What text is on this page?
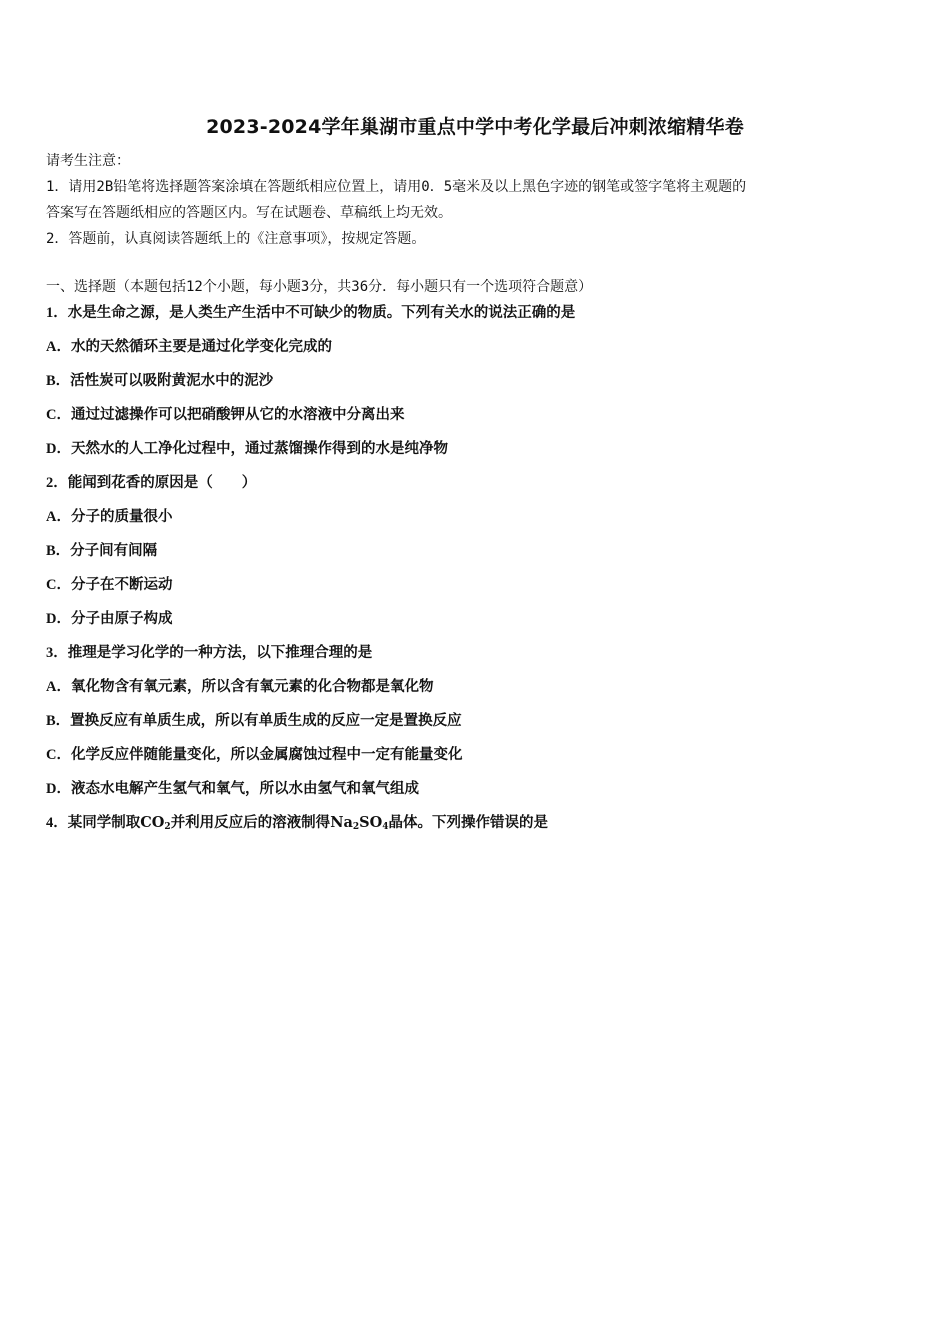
2023-2024学年巢湖市重点中学中考化学最后冲刺浓缩精华卷
请考生注意：
1．请用2B铅笔将选择题答案涂填在答题纸相应位置上，请用0．5毫米及以上黑色字迹的钢笔或签字笔将主观题的
答案写在答题纸相应的答题区内。写在试题卷、草稿纸上均无效。
2．答题前，认真阅读答题纸上的《注意事项》，按规定答题。
一、选择题（本题包括12个小题，每小题3分，共36分．每小题只有一个选项符合题意）
1．水是生命之源，是人类生产生活中不可缺少的物质。下列有关水的说法正确的是
A．水的天然循环主要是通过化学变化完成的
B．活性炭可以吸附黄泥水中的泥沙
C．通过过滤操作可以把硝酸钾从它的水溶液中分离出来
D．天然水的人工净化过程中，通过蒸馏操作得到的水是纯净物
2．能闻到花香的原因是（　　）
A．分子的质量很小
B．分子间有间隔
C．分子在不断运动
D．分子由原子构成
3．推理是学习化学的一种方法，以下推理合理的是
A．氧化物含有氧元素，所以含有氧元素的化合物都是氧化物
B．置换反应有单质生成，所以有单质生成的反应一定是置换反应
C．化学反应伴随能量变化，所以金属腐蚀过程中一定有能量变化
D．液态水电解产生氢气和氧气，所以水由氢气和氧气组成
4．某同学制取$CO_2$并利用反应后的溶液制得$Na_2SO_4$晶体。下列操作错误的是
